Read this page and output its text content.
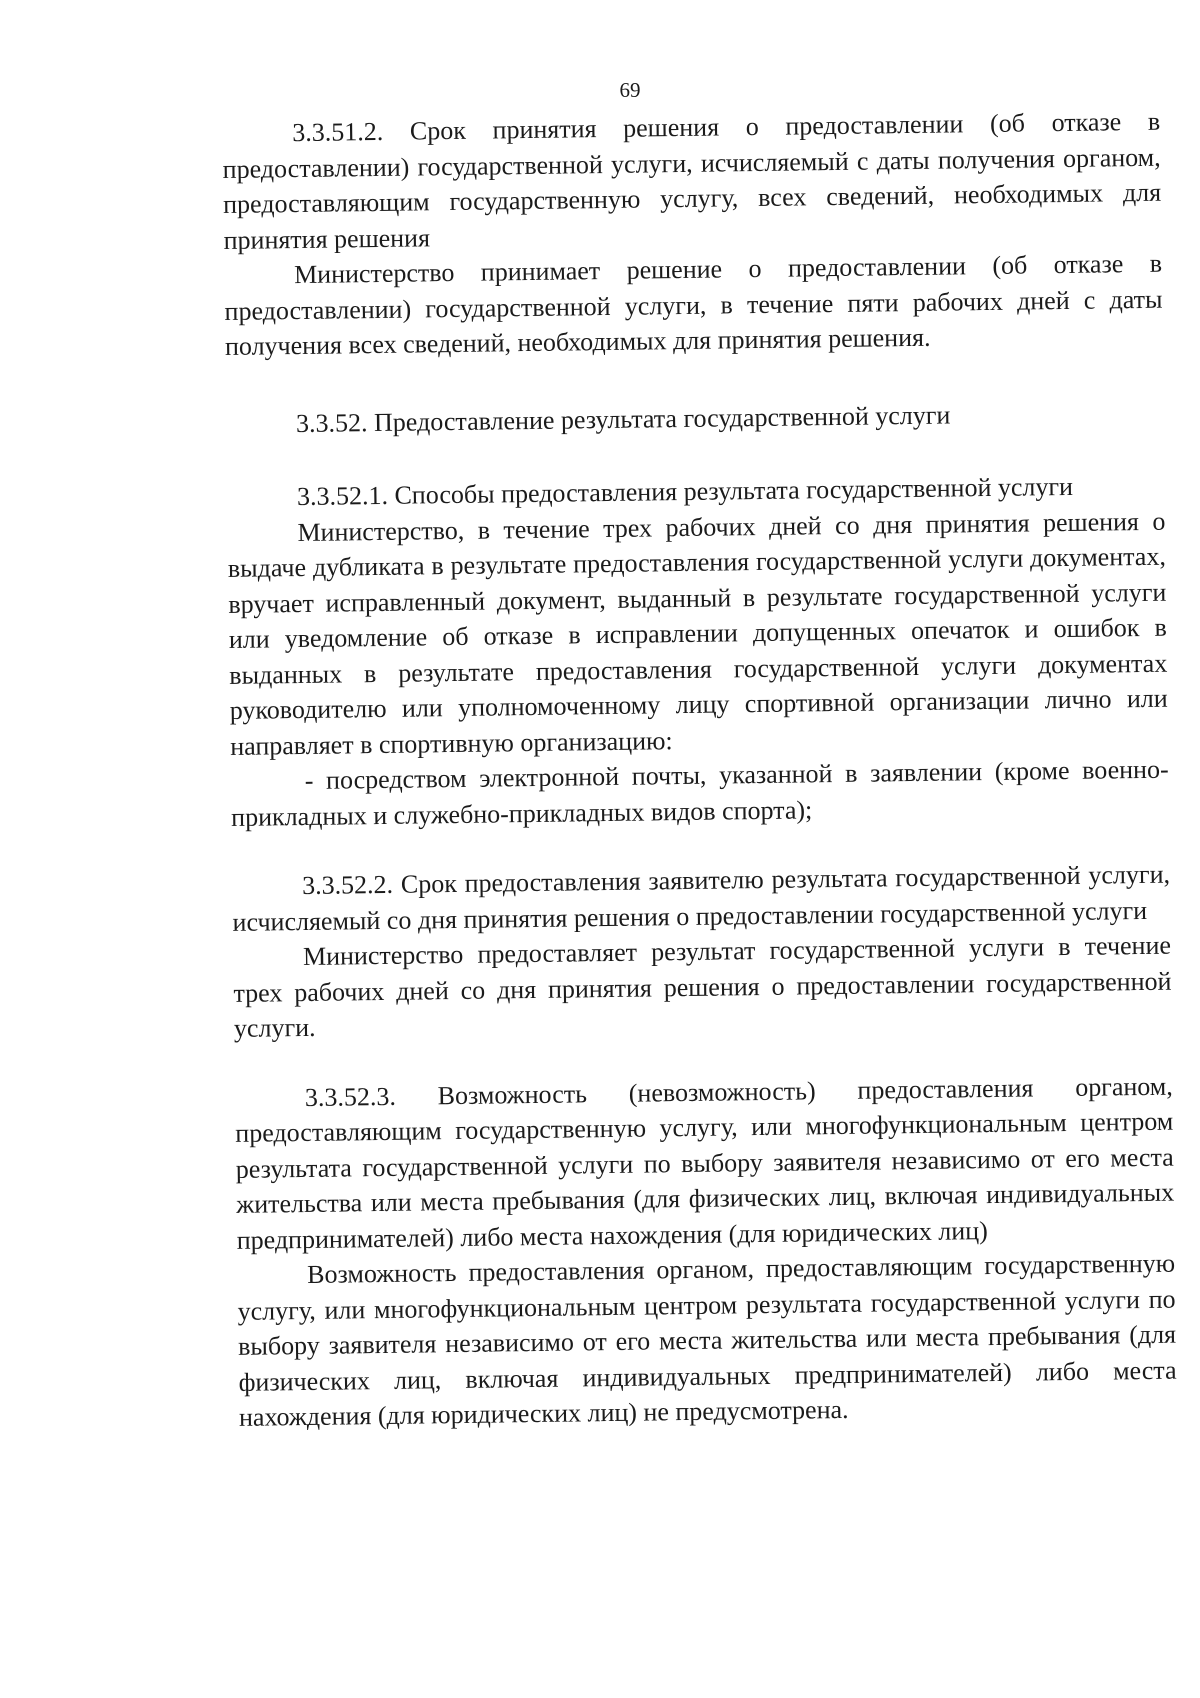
69

3.3.51.2. Срок принятия решения о предоставлении (об отказе в предоставлении) государственной услуги, исчисляемый с даты получения органом, предоставляющим государственную услугу, всех сведений, необходимых для принятия решения

Министерство принимает решение о предоставлении (об отказе в предоставлении) государственной услуги, в течение пяти рабочих дней с даты получения всех сведений, необходимых для принятия решения.

3.3.52. Предоставление результата государственной услуги

3.3.52.1. Способы предоставления результата государственной услуги

Министерство, в течение трех рабочих дней со дня принятия решения о выдаче дубликата в результате предоставления государственной услуги документах, вручает исправленный документ, выданный в результате государственной услуги или уведомление об отказе в исправлении допущенных опечаток и ошибок в выданных в результате предоставления государственной услуги документах руководителю или уполномоченному лицу спортивной организации лично или направляет в спортивную организацию:

- посредством электронной почты, указанной в заявлении (кроме военно-прикладных и служебно-прикладных видов спорта);

3.3.52.2. Срок предоставления заявителю результата государственной услуги, исчисляемый со дня принятия решения о предоставлении государственной услуги

Министерство предоставляет результат государственной услуги в течение трех рабочих дней со дня принятия решения о предоставлении государственной услуги.

3.3.52.3. Возможность (невозможность) предоставления органом, предоставляющим государственную услугу, или многофункциональным центром результата государственной услуги по выбору заявителя независимо от его места жительства или места пребывания (для физических лиц, включая индивидуальных предпринимателей) либо места нахождения (для юридических лиц)

Возможность предоставления органом, предоставляющим государственную услугу, или многофункциональным центром результата государственной услуги по выбору заявителя независимо от его места жительства или места пребывания (для физических лиц, включая индивидуальных предпринимателей) либо места нахождения (для юридических лиц) не предусмотрена.
